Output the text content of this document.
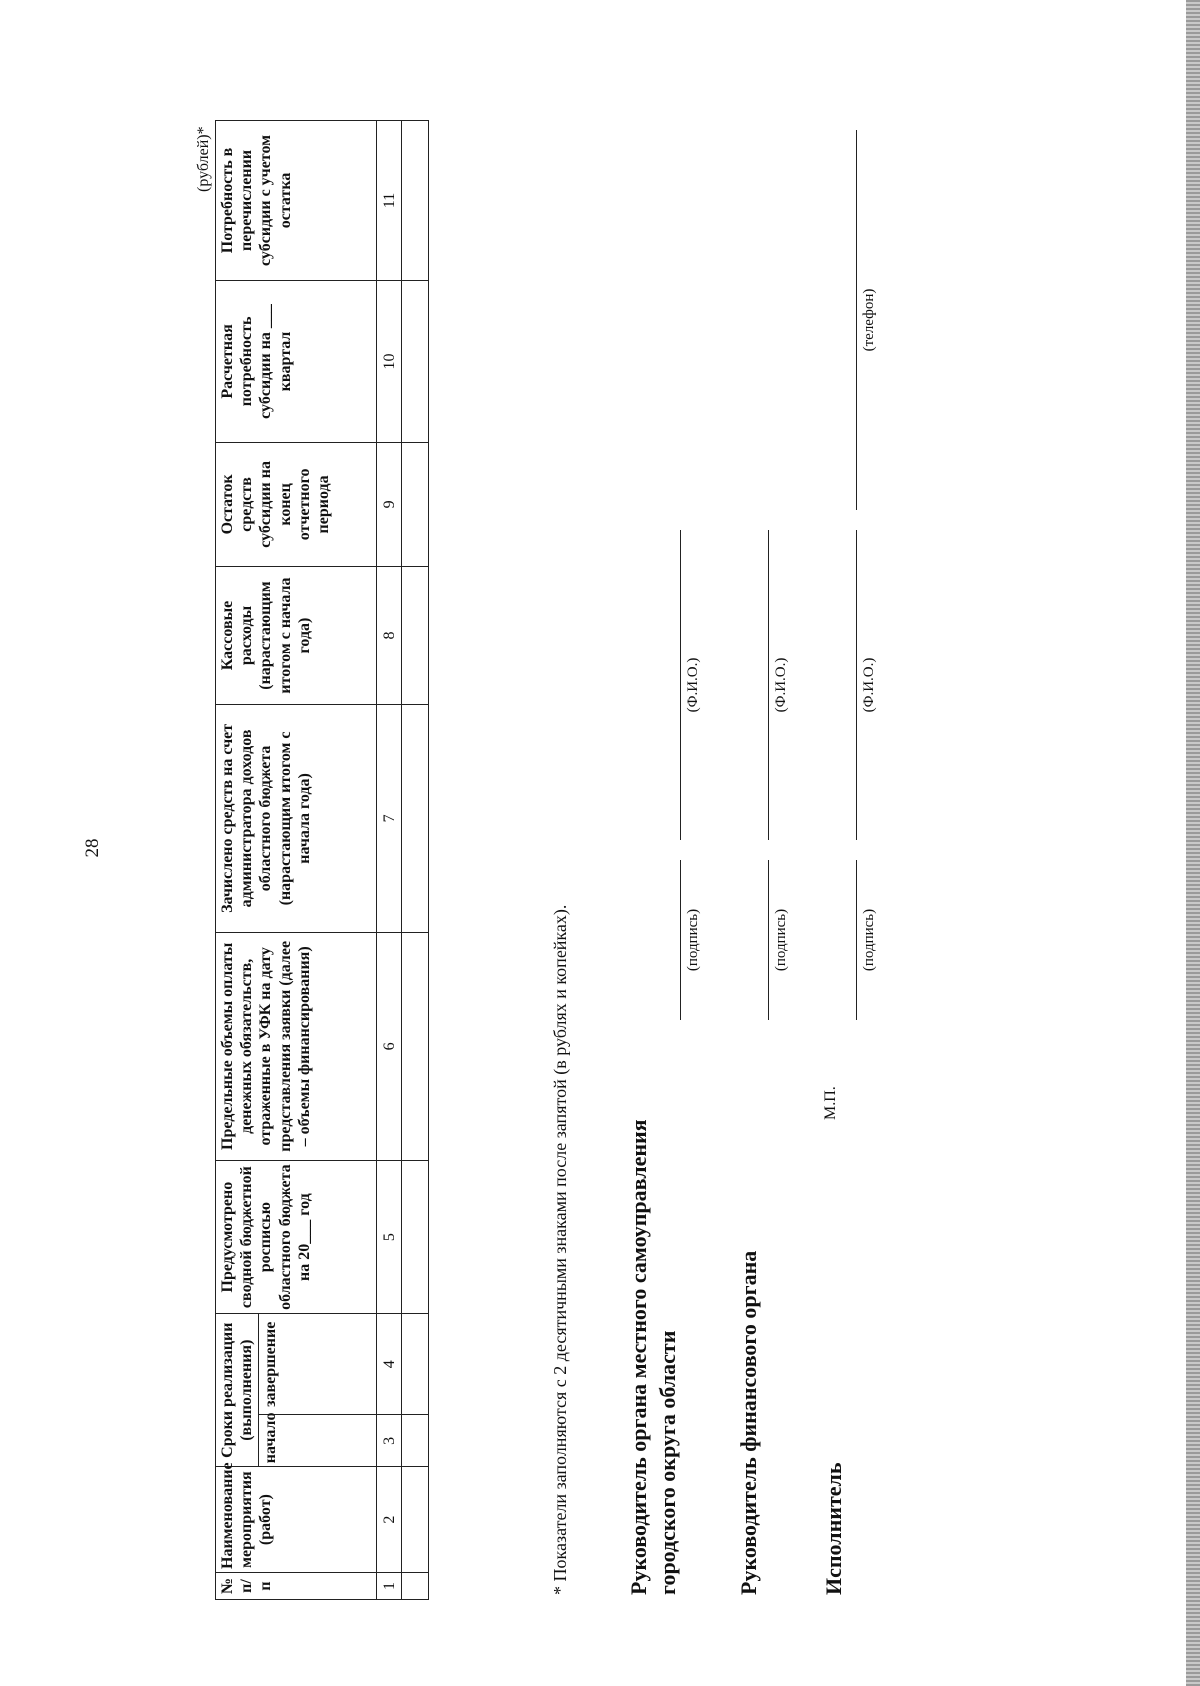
28
(рублей)*
№ п/п	Наименование мероприятия (работ)	Сроки реализации (выполнения)		Предусмотрено сводной бюджетной росписью областного бюджета на 20___ год	Предельные объемы оплаты денежных обязательств, отраженные в УФК на дату представления заявки (далее – объемы финансирования)	Зачислено средств на счет администратора доходов областного бюджета (нарастающим итогом с начала года)	Кассовые расходы (нарастающим итогом с начала года)	Остаток средств субсидии на конец отчетного периода	Расчетная потребность субсидии на ___ квартал	Потребность в перечислении субсидии с учетом остатка
		начало	завершение							
1	2	3	4	5	6	7	8	9	10	11

* Показатели заполняются с 2 десятичными знаками после запятой (в рублях и копейках).	Руководитель органа местного самоуправления городского округа области
(подпись)
(Ф.И.О.)
Руководитель финансового органа
(подпись)
(Ф.И.О.)
Исполнитель
М.П.
(подпись)
(Ф.И.О.)
(телефон)
